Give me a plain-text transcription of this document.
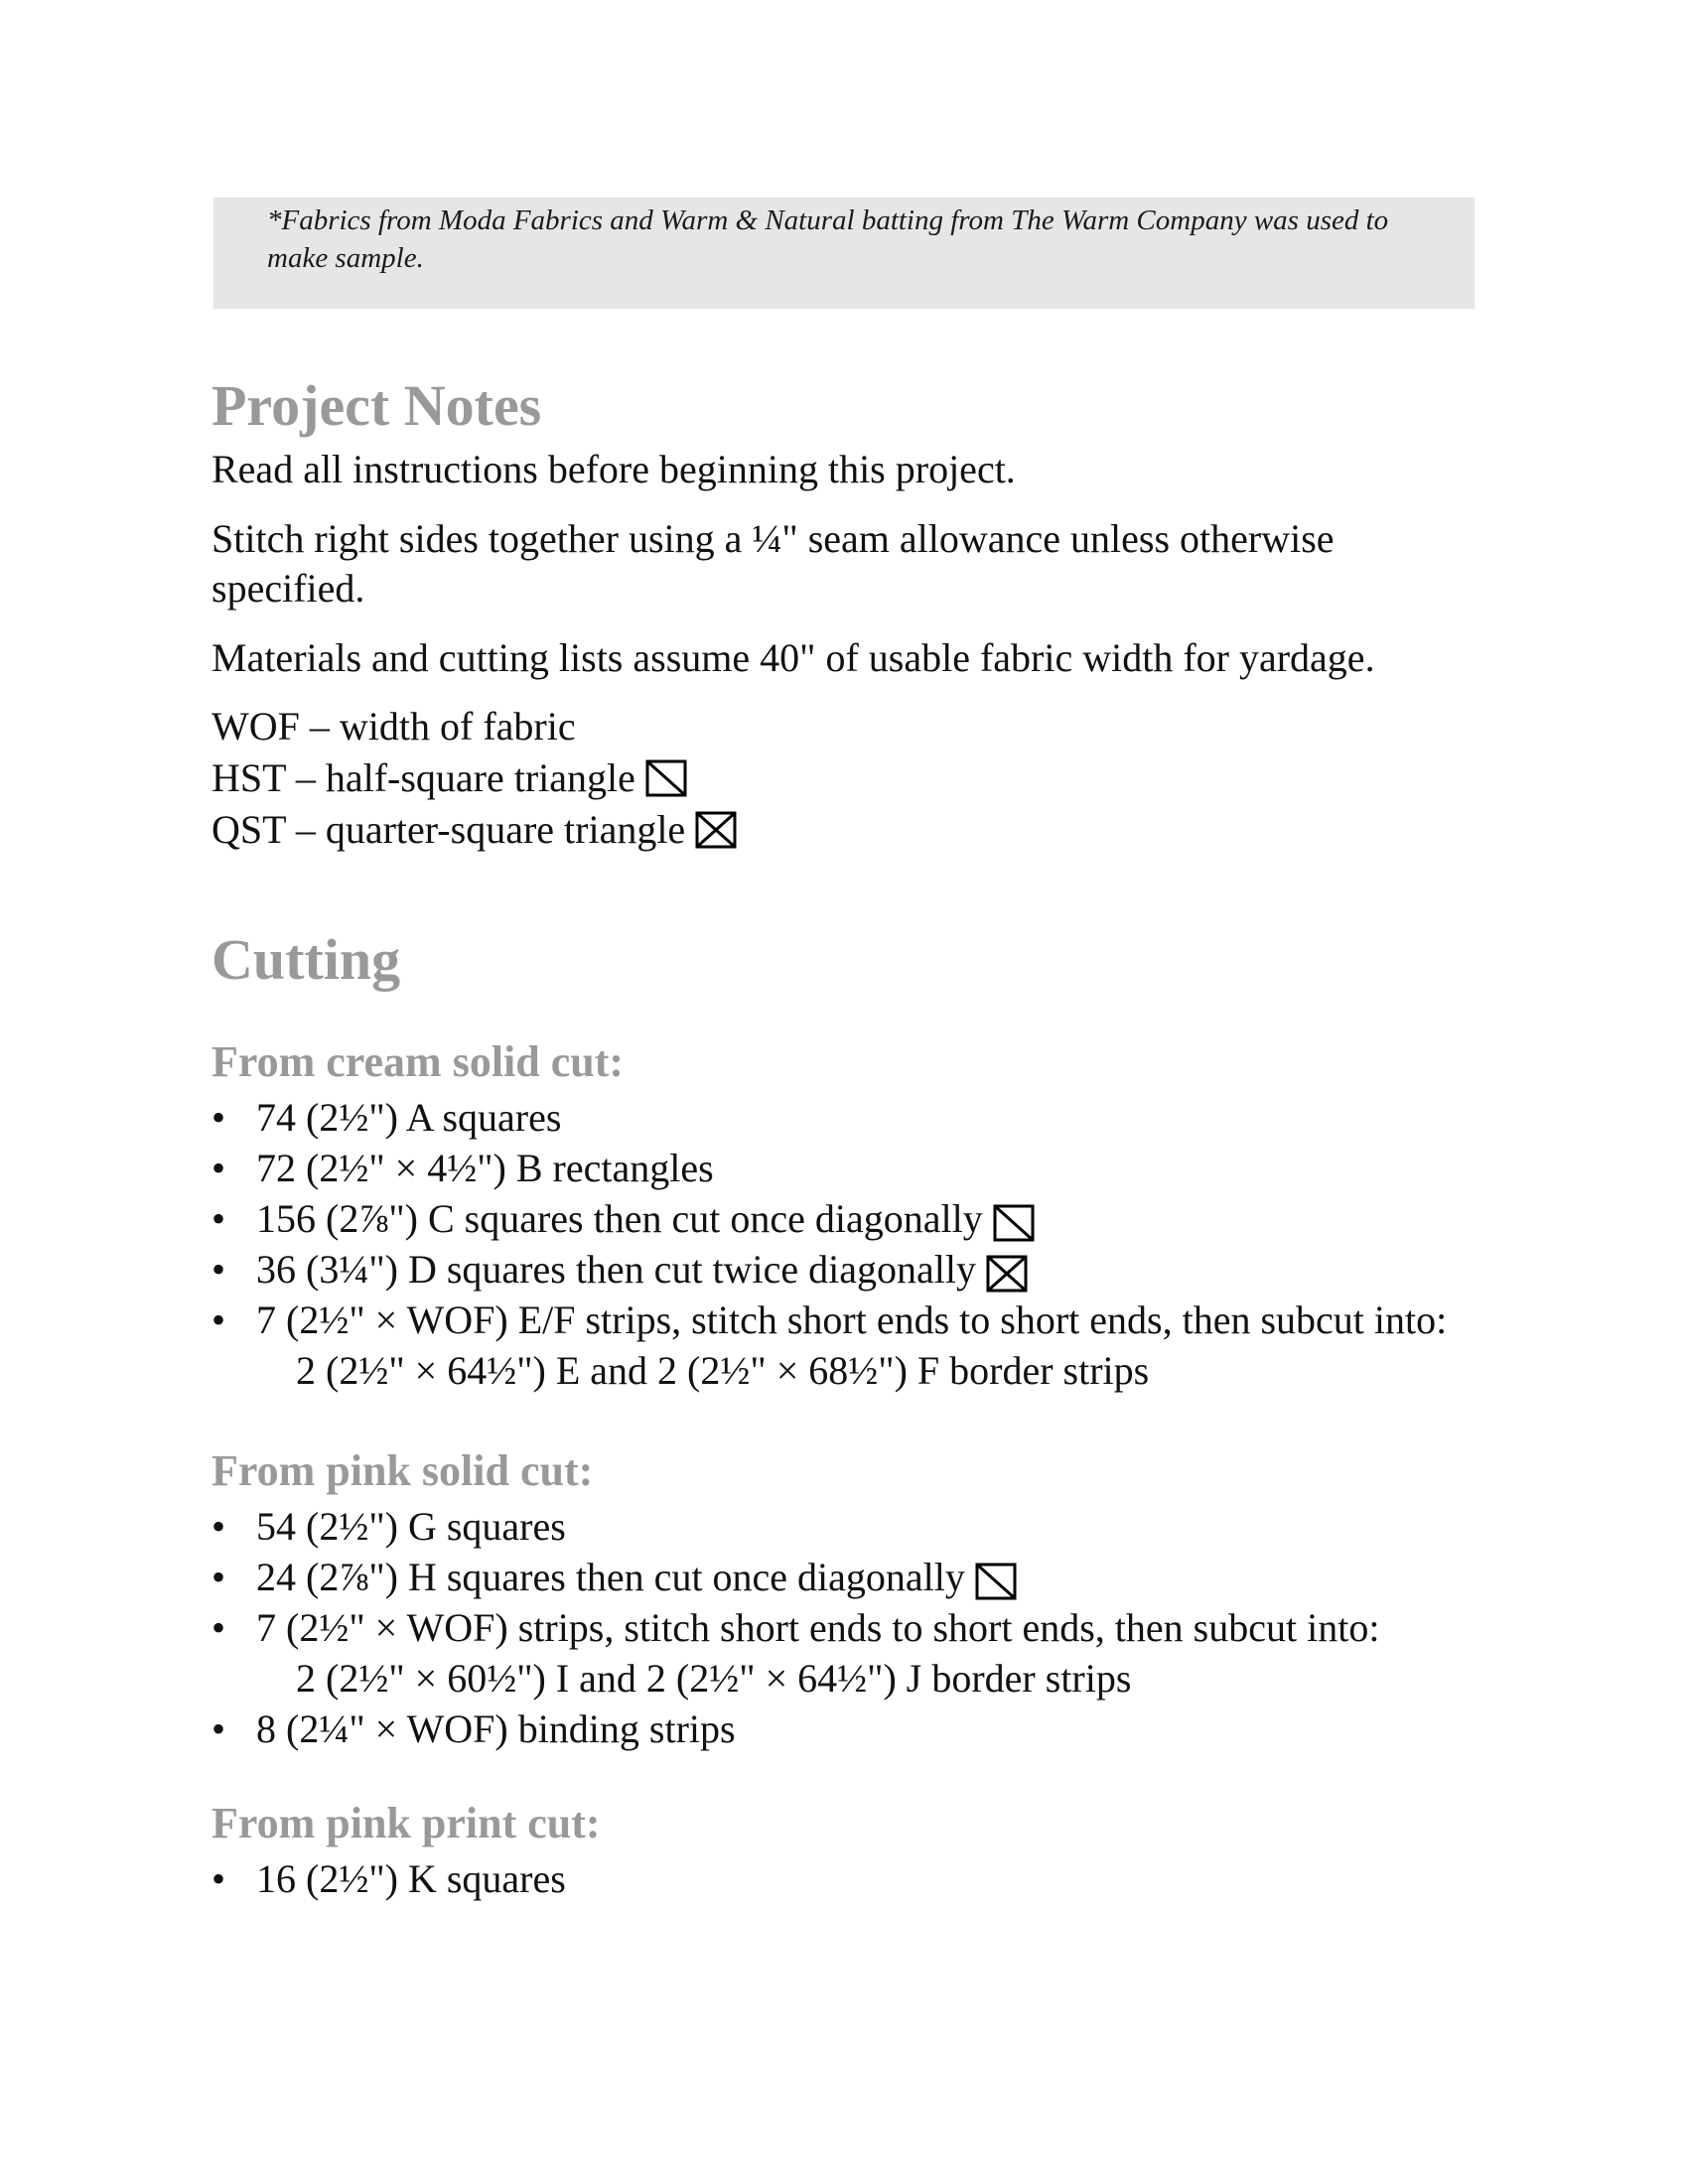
*Fabrics from Moda Fabrics and Warm & Natural batting from The Warm Company was used to make sample.

Project Notes

Read all instructions before beginning this project.

Stitch right sides together using a ¼" seam allowance unless otherwise specified.

Materials and cutting lists assume 40" of usable fabric width for yardage.

WOF – width of fabric
HST – half-square triangle
QST – quarter-square triangle
Cutting
From cream solid cut:
• 74 (2½") A squares
• 72 (2½" × 4½") B rectangles
• 156 (2⅞") C squares then cut once diagonally
• 36 (3¼") D squares then cut twice diagonally
• 7 (2½" × WOF) E/F strips, stitch short ends to short ends, then subcut into:
2 (2½" × 64½") E and 2 (2½" × 68½") F border strips
From pink solid cut:
• 54 (2½") G squares
• 24 (2⅞") H squares then cut once diagonally
• 7 (2½" × WOF) strips, stitch short ends to short ends, then subcut into:
2 (2½" × 60½") I and 2 (2½" × 64½") J border strips
• 8 (2¼" × WOF) binding strips
From pink print cut:
• 16 (2½") K squares
